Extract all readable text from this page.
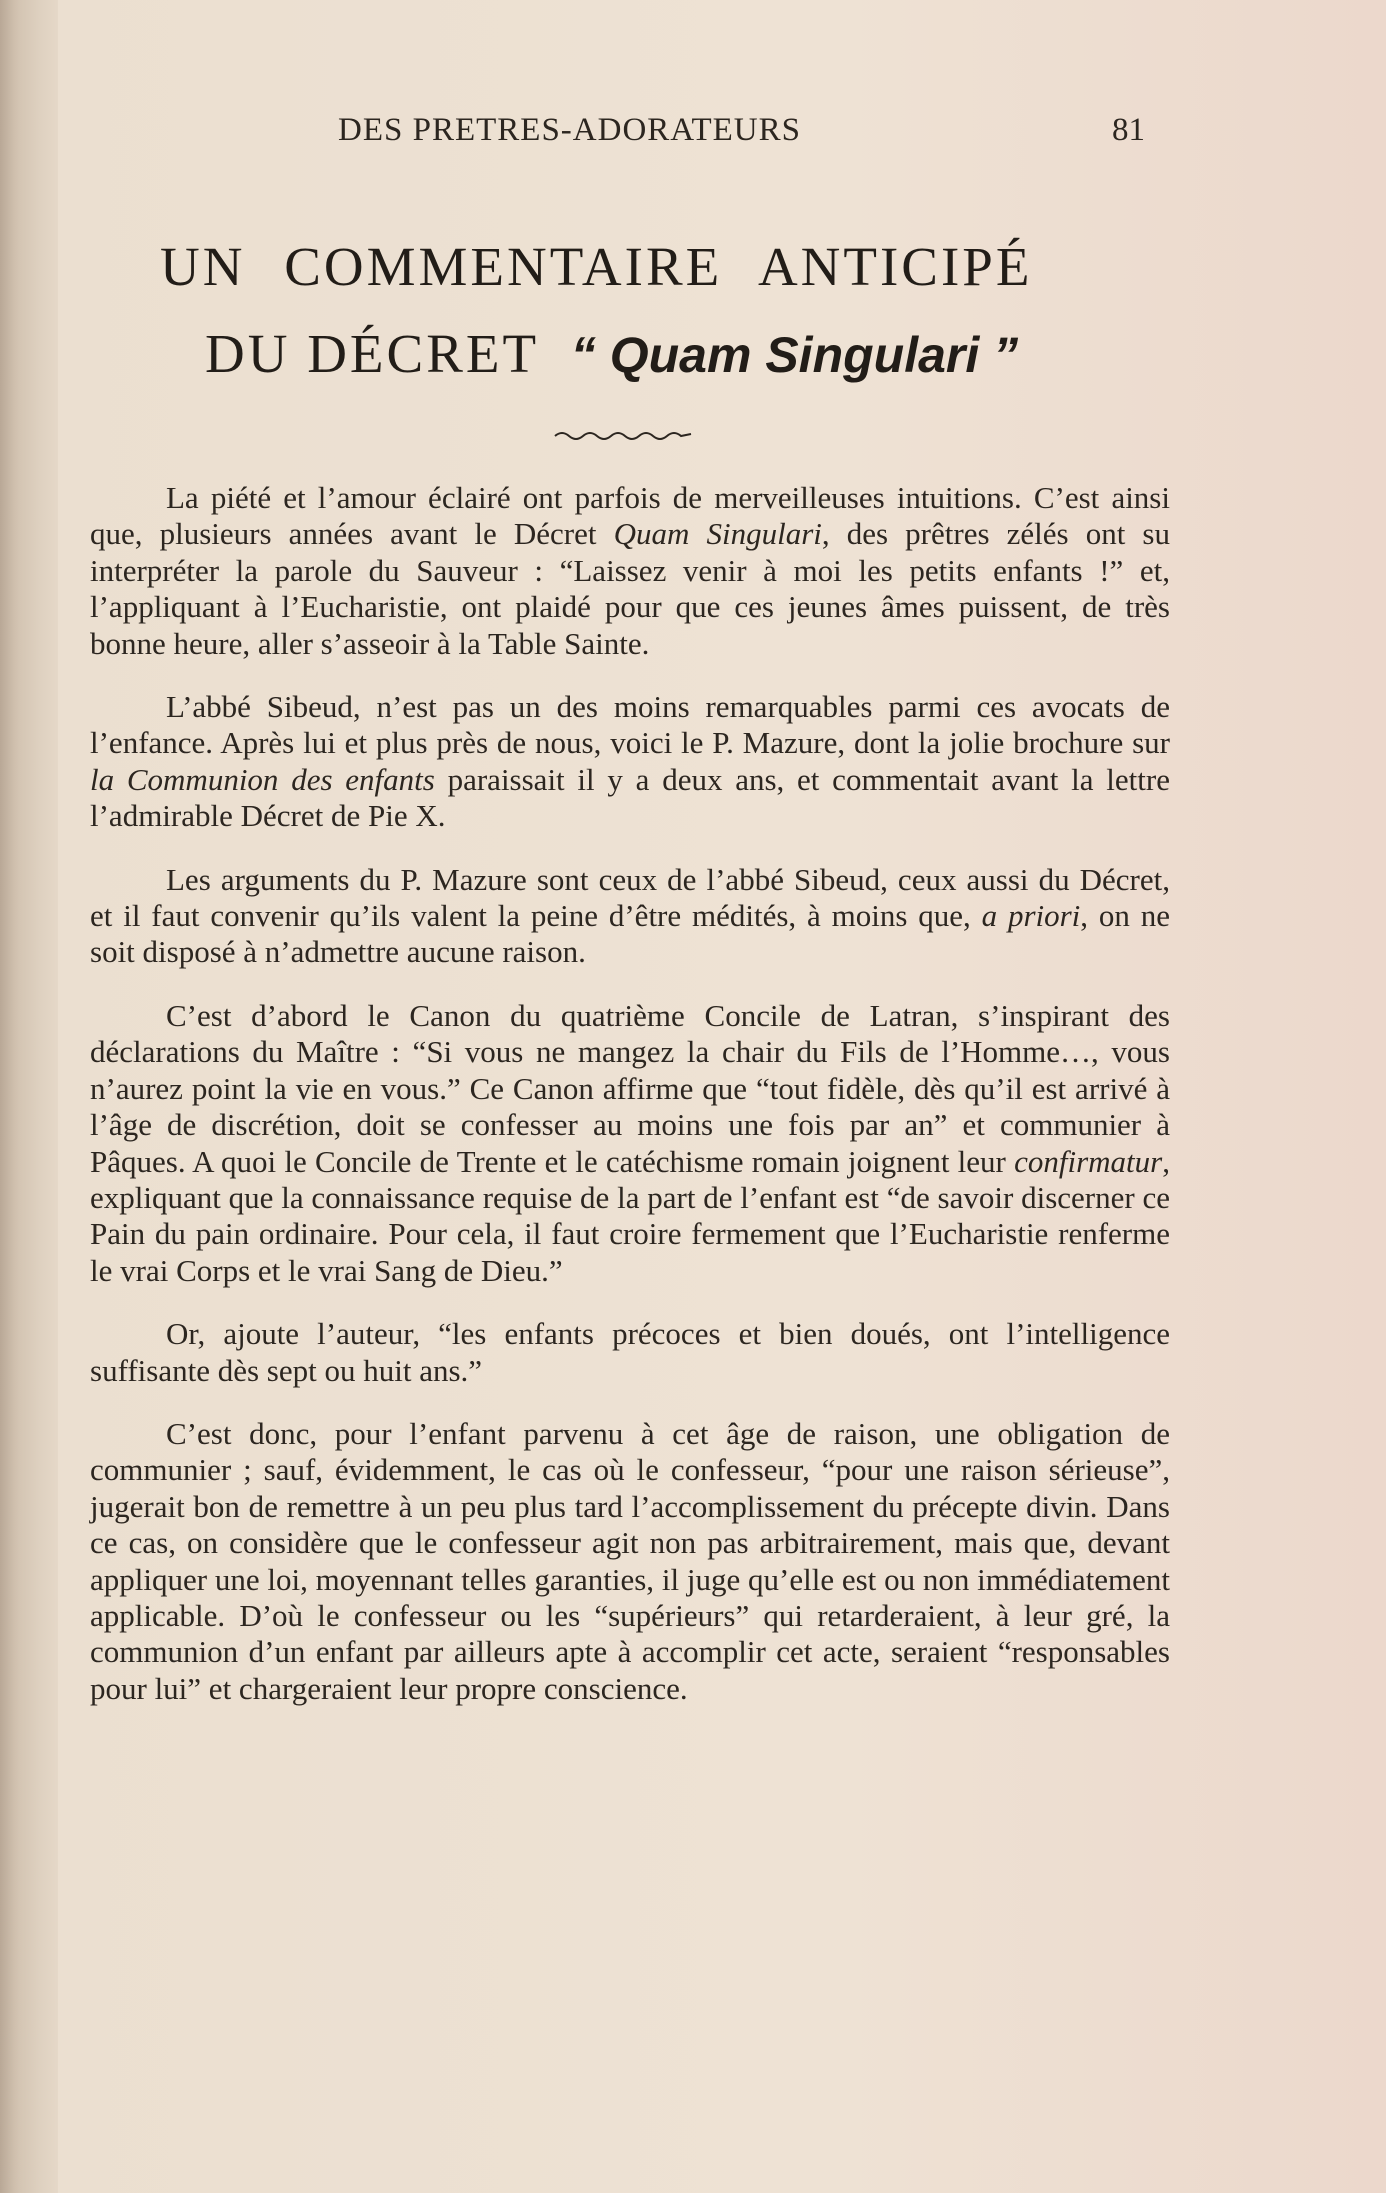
DES PRETRES-ADORATEURS	81
UN COMMENTAIRE ANTICIPÉ
DU DÉCRET “ Quam Singulari ”

La piété et l’amour éclairé ont parfois de merveilleuses intuitions. C’est ainsi que, plusieurs années avant le Décret Quam Singulari, des prêtres zélés ont su interpréter la parole du Sauveur : “Laissez venir à moi les petits enfants !” et, l’appliquant à l’Eucharistie, ont plaidé pour que ces jeunes âmes puissent, de très bonne heure, aller s’asseoir à la Table Sainte.

L’abbé Sibeud, n’est pas un des moins remarquables parmi ces avocats de l’enfance. Après lui et plus près de nous, voici le P. Mazure, dont la jolie brochure sur la Communion des enfants paraissait il y a deux ans, et commentait avant la lettre l’admirable Décret de Pie X.

Les arguments du P. Mazure sont ceux de l’abbé Sibeud, ceux aussi du Décret, et il faut convenir qu’ils valent la peine d’être médités, à moins que, a priori, on ne soit disposé à n’admettre aucune raison.

C’est d’abord le Canon du quatrième Concile de Latran, s’inspirant des déclarations du Maître : “Si vous ne mangez la chair du Fils de l’Homme…, vous n’aurez point la vie en vous.” Ce Canon affirme que “tout fidèle, dès qu’il est arrivé à l’âge de discrétion, doit se confesser au moins une fois par an” et communier à Pâques. A quoi le Concile de Trente et le catéchisme romain joignent leur confirmatur, expliquant que la connaissance requise de la part de l’enfant est “de savoir discerner ce Pain du pain ordinaire. Pour cela, il faut croire fermement que l’Eucharistie renferme le vrai Corps et le vrai Sang de Dieu.”

Or, ajoute l’auteur, “les enfants précoces et bien doués, ont l’intelligence suffisante dès sept ou huit ans.”

C’est donc, pour l’enfant parvenu à cet âge de raison, une obligation de communier ; sauf, évidemment, le cas où le confesseur, “pour une raison sérieuse”, jugerait bon de remettre à un peu plus tard l’accomplissement du précepte divin. Dans ce cas, on considère que le confesseur agit non pas arbitrairement, mais que, devant appliquer une loi, moyennant telles garanties, il juge qu’elle est ou non immédiatement applicable. D’où le confesseur ou les “supérieurs” qui retarderaient, à leur gré, la communion d’un enfant par ailleurs apte à accomplir cet acte, seraient “responsables pour lui” et chargeraient leur propre conscience.
